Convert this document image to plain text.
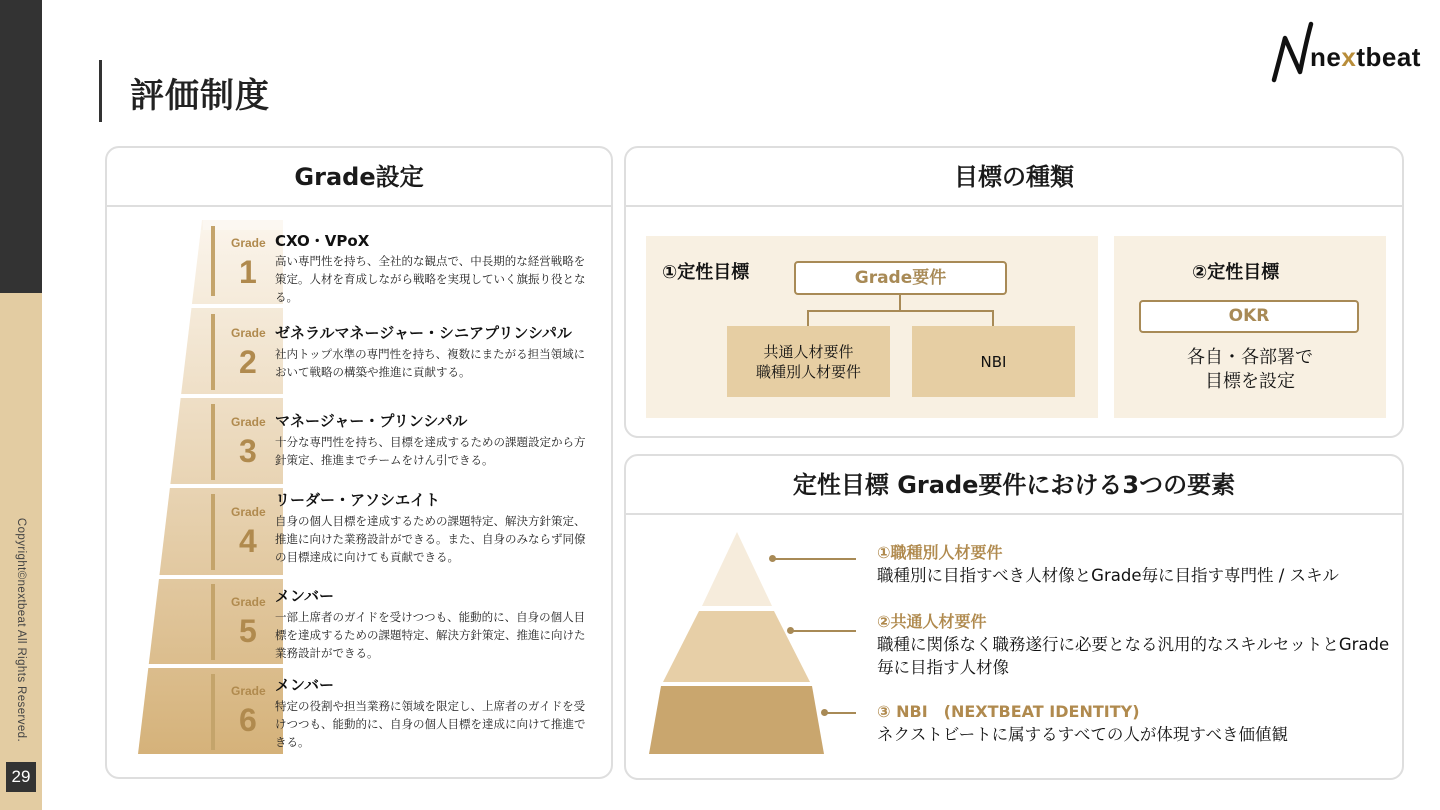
Copyright©nextbeat All Rights Reserved.
29
評価制度
nextbeat
Grade設定
Grade
1
CXO・VPoX
高い専門性を持ち、全社的な観点で、中長期的な経営戦略を策定。人材を育成しながら戦略を実現していく旗振り役となる。
Grade
2
ゼネラルマネージャー・シニアプリンシパル
社内トップ水準の専門性を持ち、複数にまたがる担当領域において戦略の構築や推進に貢献する。
Grade
3
マネージャー・プリンシパル
十分な専門性を持ち、目標を達成するための課題設定から方針策定、推進までチームをけん引できる。
Grade
4
リーダー・アソシエイト
自身の個人目標を達成するための課題特定、解決方針策定、推進に向けた業務設計ができる。また、自身のみならず同僚の目標達成に向けても貢献できる。
Grade
5
メンバー
一部上席者のガイドを受けつつも、能動的に、自身の個人目標を達成するための課題特定、解決方針策定、推進に向けた業務設計ができる。
Grade
6
メンバー
特定の役割や担当業務に領域を限定し、上席者のガイドを受けつつも、能動的に、自身の個人目標を達成に向けて推進できる。
目標の種類
①定性目標	Grade要件
共通人材要件
職種別人材要件
NBI
②定性目標
OKR
各自・各部署で
目標を設定
定性目標 Grade要件における3つの要素
①職種別人材要件
職種別に目指すべき人材像とGrade毎に目指す専門性 / スキル
②共通人材要件
職種に関係なく職務遂行に必要となる汎用的なスキルセットとGrade毎に目指す人材像
③ NBI　(NEXTBEAT IDENTITY)
ネクストビートに属するすべての人が体現すべき価値観
